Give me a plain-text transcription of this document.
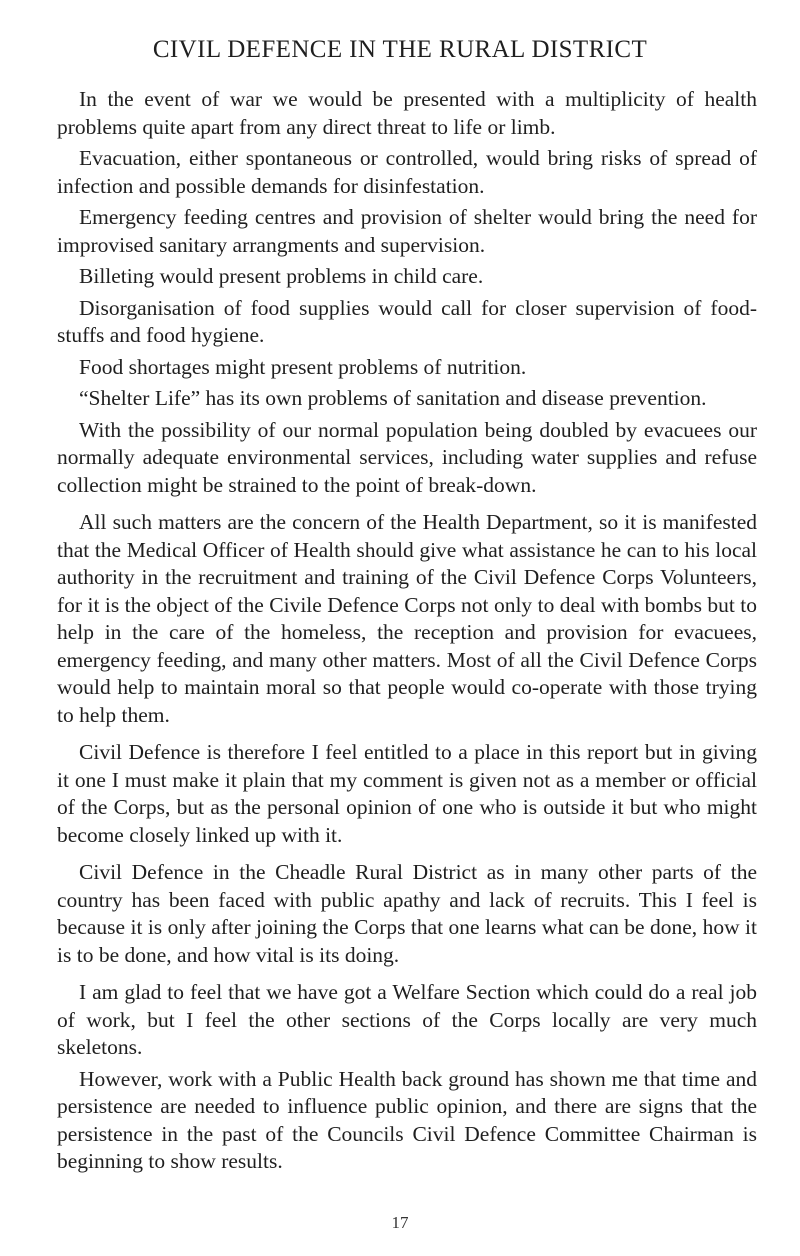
CIVIL DEFENCE IN THE RURAL DISTRICT

In the event of war we would be presented with a multiplicity of health problems quite apart from any direct threat to life or limb.

Evacuation, either spontaneous or controlled, would bring risks of spread of infection and possible demands for disinfestation.

Emergency feeding centres and provision of shelter would bring the need for improvised sanitary arrangments and supervision.

Billeting would present problems in child care.

Disorganisation of food supplies would call for closer supervision of food-stuffs and food hygiene.

Food shortages might present problems of nutrition.

“Shelter Life” has its own problems of sanitation and disease prevention.

With the possibility of our normal population being doubled by evacuees our normally adequate environmental services, including water supplies and refuse collection might be strained to the point of break-down.

All such matters are the concern of the Health Department, so it is manifested that the Medical Officer of Health should give what assistance he can to his local authority in the recruitment and training of the Civil Defence Corps Volunteers, for it is the object of the Civile Defence Corps not only to deal with bombs but to help in the care of the homeless, the reception and provision for evacuees, emergency feeding, and many other matters. Most of all the Civil Defence Corps would help to maintain moral so that people would co-operate with those trying to help them.

Civil Defence is therefore I feel entitled to a place in this report but in giving it one I must make it plain that my comment is given not as a member or official of the Corps, but as the personal opinion of one who is outside it but who might become closely linked up with it.

Civil Defence in the Cheadle Rural District as in many other parts of the country has been faced with public apathy and lack of recruits. This I feel is because it is only after joining the Corps that one learns what can be done, how it is to be done, and how vital is its doing.

I am glad to feel that we have got a Welfare Section which could do a real job of work, but I feel the other sections of the Corps locally are very much skeletons.

However, work with a Public Health back ground has shown me that time and persistence are needed to influence public opinion, and there are signs that the persistence in the past of the Councils Civil Defence Committee Chairman is beginning to show results.

17
